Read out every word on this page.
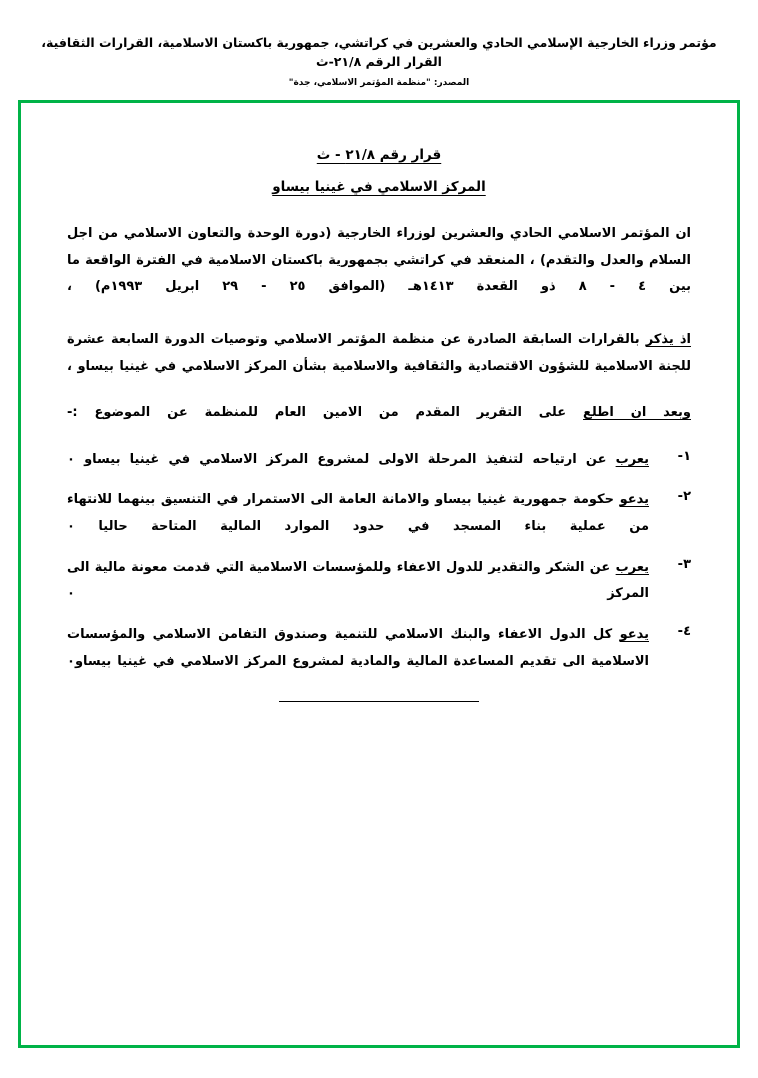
مؤتمر وزراء الخارجية الإسلامي الحادي والعشرين في كراتشي، جمهورية باكستان الاسلامية، القرارات الثقافية، القرار الرقم ٢١/٨-ث
المصدر: "منظمة المؤتمر الاسلامي، جدة"
قرار رقم ٢١/٨ - ث
المركز الاسلامي في غينيا بيساو
ان المؤتمر الاسلامي الحادي والعشرين لوزراء الخارجية (دورة الوحدة والتعاون الاسلامي من اجل السلام والعدل والتقدم) ، المنعقد في كراتشي بجمهورية باكستان الاسلامية في الفترة الواقعة ما بين ٤ - ٨ ذو القعدة ١٤١٣هـ (الموافق ٢٥ - ٢٩ ابريل ١٩٩٣م) ،
اذ يذكر بالقرارات السابقة الصادرة عن منظمة المؤتمر الاسلامي وتوصيات الدورة السابعة عشرة للجنة الاسلامية للشؤون الاقتصادية والثقافية والاسلامية بشأن المركز الاسلامي في غينيا بيساو ،
وبعد ان اطلع على التقرير المقدم من الامين العام للمنظمة عن الموضوع :-
١-
يعرب عن ارتياحه لتنفيذ المرحلة الاولى لمشروع المركز الاسلامي في غينيا بيساو ٠
٢-
يدعو حكومة جمهورية غينيا بيساو والامانة العامة الى الاستمرار في التنسيق بينهما للانتهاء من عملية بناء المسجد في حدود الموارد المالية المتاحة حاليا ٠
٣-
يعرب عن الشكر والتقدير للدول الاعفاء وللمؤسسات الاسلامية التي قدمت معونة مالية الى المركز ٠
٤-
يدعو كل الدول الاعفاء والبنك الاسلامي للتنمية وصندوق التفامن الاسلامي والمؤسسات الاسلامية الى تقديم المساعدة المالية والمادية لمشروع المركز الاسلامي في غينيا بيساو٠
